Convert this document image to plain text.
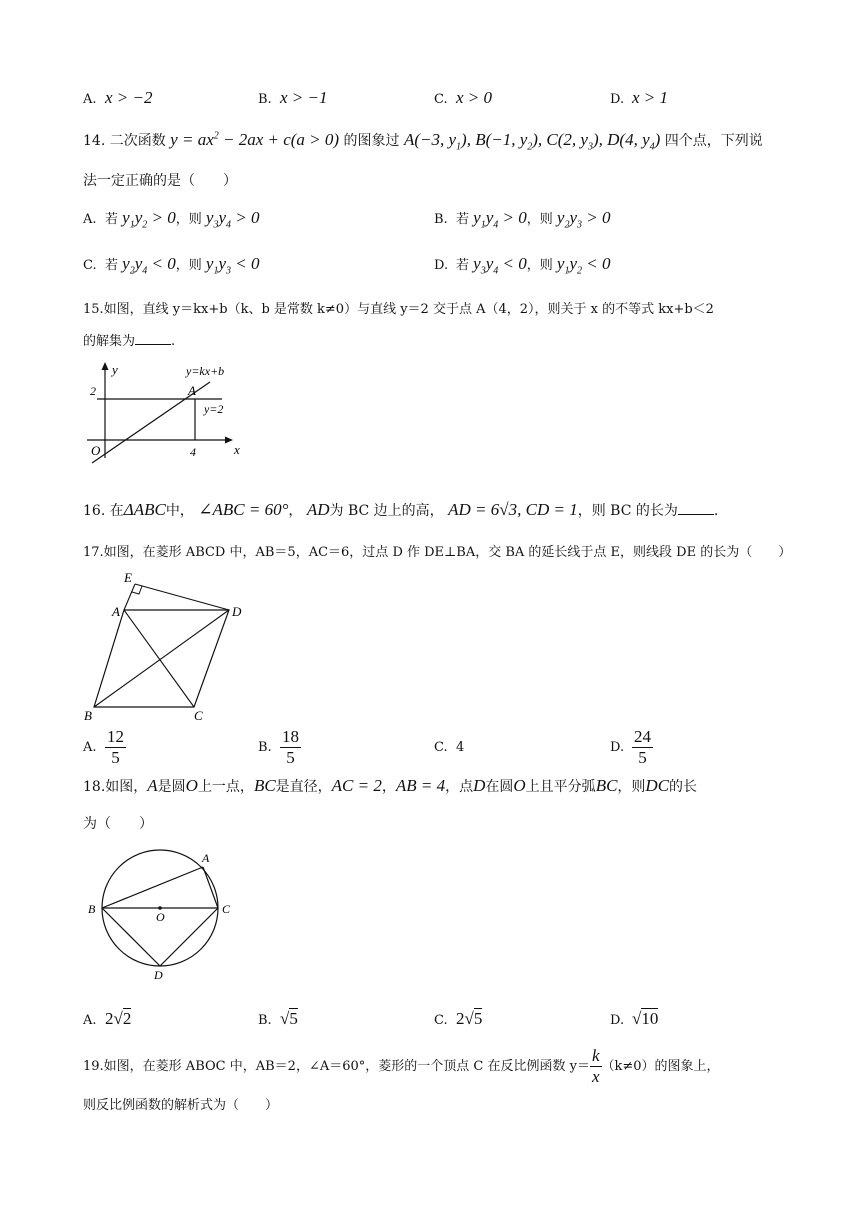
A. x > −2	B. x > −1	C. x > 0	D. x > 1
14. 二次函数 $y = ax^2 - 2ax + c(a > 0)$ 的图象过 A(−3, $y_1$), B(−1, $y_2$), C(2, $y_3$), D(4, $y_4$) 四个点，下列说
法一定正确的是（　　）
A. 若 $y_1y_2 > 0$，则 $y_3y_4 > 0$	B. 若 $y_1y_4 > 0$，则 $y_2y_3 > 0$
C. 若 $y_2y_4 < 0$，则 $y_1y_3 < 0$	D. 若 $y_3y_4 < 0$，则 $y_1y_2 < 0$
15.如图，直线 y＝kx+b（k、b 是常数 k≠0）与直线 y＝2 交于点 A（4，2），则关于 x 的不等式 kx+b＜2
的解集为	.
y
x
O
2
4
A
y=kx+b
y=2
16. 在ΔABC中， ∠ABC = 60°， AD为 BC 边上的高， AD = 6√3, CD = 1，则 BC 的长为	.
17.如图，在菱形 ABCD 中，AB＝5，AC＝6，过点 D 作 DE⊥BA，交 BA 的延长线于点 E，则线段 DE 的长为（　　）
E
A	D
B	C
A. $\frac{12}{5}$	B. $\frac{18}{5}$	C. 4	D. $\frac{24}{5}$
18.如图，A是圆O上一点，BC是直径，AC = 2，AB = 4，点D在圆O上且平分弧BC，则DC的长
为（　　）
A
B	C
O
D
A. 2√2	B. √5	C. 2√5	D. √10
19.如图，在菱形 ABOC 中，AB＝2，∠A＝60°，菱形的一个顶点 C 在反比例函数 $y= \frac{k}{x} (k\ne 0)$的图象上，
则反比例函数的解析式为（　　）
